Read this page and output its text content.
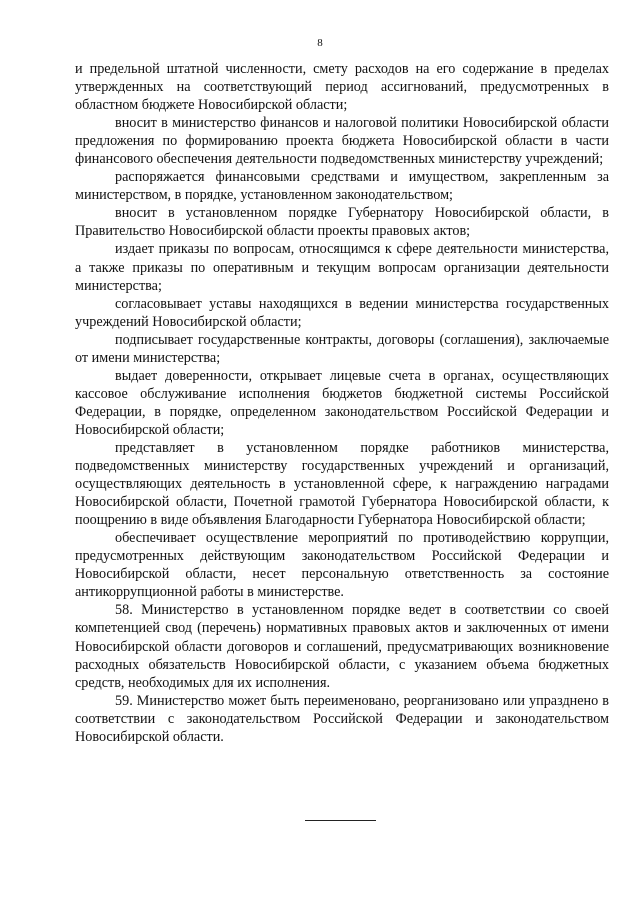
8

и предельной штатной численности, смету расходов на его содержание в пределах утвержденных на соответствующий период ассигнований, предусмотренных в областном бюджете Новосибирской области;

вносит в министерство финансов и налоговой политики Новосибирской области предложения по формированию проекта бюджета Новосибирской области в части финансового обеспечения деятельности подведомственных министерству учреждений;

распоряжается финансовыми средствами и имуществом, закрепленным за министерством, в порядке, установленном законодательством;

вносит в установленном порядке Губернатору Новосибирской области, в Правительство Новосибирской области проекты правовых актов;

издает приказы по вопросам, относящимся к сфере деятельности министерства, а также приказы по оперативным и текущим вопросам организации деятельности министерства;

согласовывает уставы находящихся в ведении министерства государственных учреждений Новосибирской области;

подписывает государственные контракты, договоры (соглашения), заключаемые от имени министерства;

выдает доверенности, открывает лицевые счета в органах, осуществляющих кассовое обслуживание исполнения бюджетов бюджетной системы Российской Федерации, в порядке, определенном законодательством Российской Федерации и Новосибирской области;

представляет в установленном порядке работников министерства, подведомственных министерству государственных учреждений и организаций, осуществляющих деятельность в установленной сфере, к награждению наградами Новосибирской области, Почетной грамотой Губернатора Новосибирской области, к поощрению в виде объявления Благодарности Губернатора Новосибирской области;

обеспечивает осуществление мероприятий по противодействию коррупции, предусмотренных действующим законодательством Российской Федерации и Новосибирской области, несет персональную ответственность за состояние антикоррупционной работы в министерстве.

58. Министерство в установленном порядке ведет в соответствии со своей компетенцией свод (перечень) нормативных правовых актов и заключенных от имени Новосибирской области договоров и соглашений, предусматривающих возникновение расходных обязательств Новосибирской области, с указанием объема бюджетных средств, необходимых для их исполнения.

59. Министерство может быть переименовано, реорганизовано или упразднено в соответствии с законодательством Российской Федерации и законодательством Новосибирской области.
